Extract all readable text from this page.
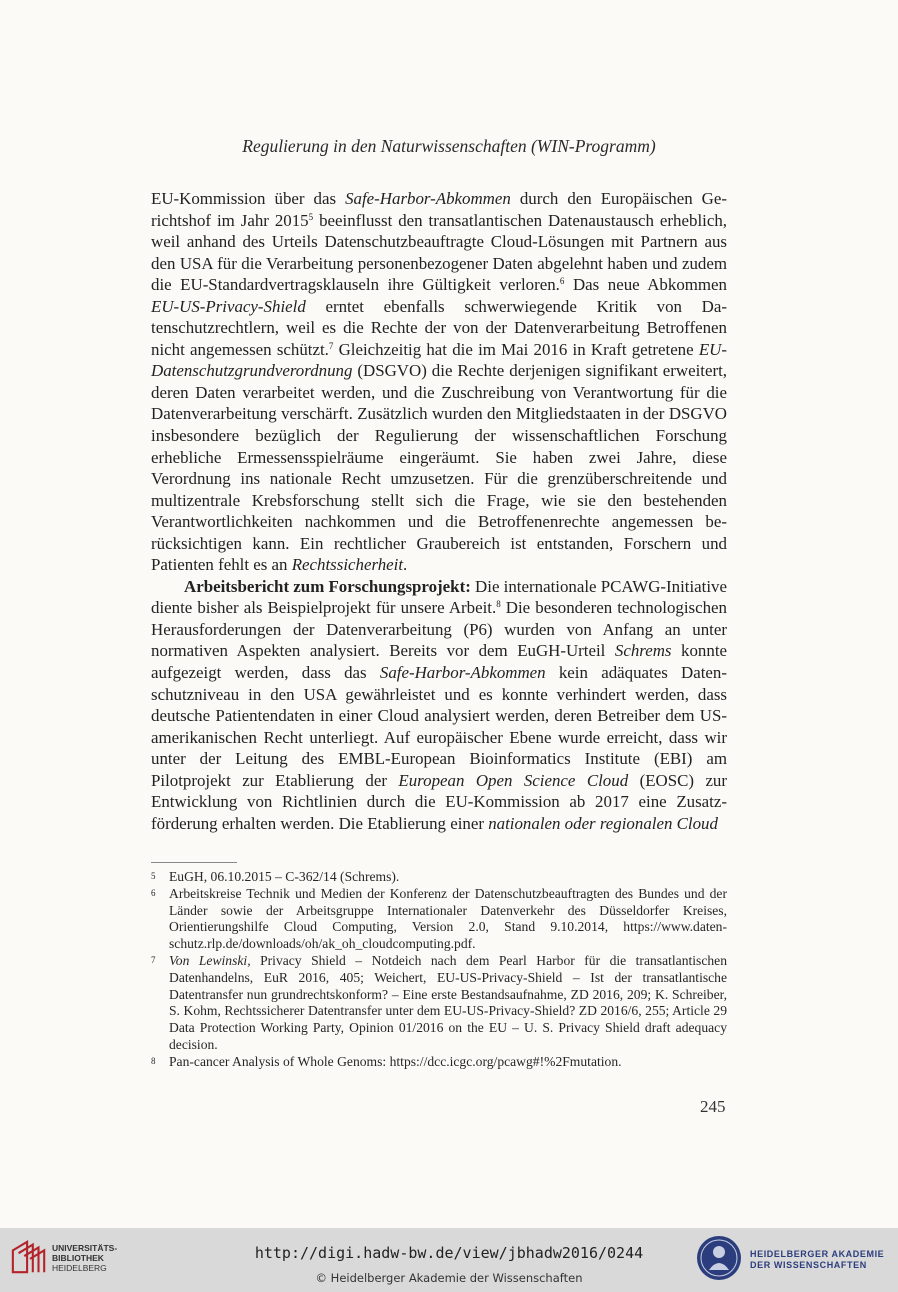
Regulierung in den Naturwissenschaften (WIN-Programm)

EU-Kommission über das Safe-Harbor-Abkommen durch den Europäischen Gerichtshof im Jahr 2015$^5$ beeinflusst den transatlantischen Datenaustausch erheblich, weil anhand des Urteils Datenschutzbeauftragte Cloud-Lösungen mit Partnern aus den USA für die Verarbeitung personenbezogener Daten abgelehnt haben und zudem die EU-Standardvertragsklauseln ihre Gültigkeit verloren.$^6$ Das neue Abkommen EU-US-Privacy-Shield erntet ebenfalls schwerwiegende Kritik von Datenschutzrechtlern, weil es die Rechte der von der Datenverarbeitung Betroffenen nicht angemessen schützt.$^7$ Gleichzeitig hat die im Mai 2016 in Kraft getretene EU-Datenschutzgrundverordnung (DSGVO) die Rechte derjenigen signifikant erweitert, deren Daten verarbeitet werden, und die Zuschreibung von Verantwortung für die Datenverarbeitung verschärft. Zusätzlich wurden den Mitgliedstaaten in der DSGVO insbesondere bezüglich der Regulierung der wissenschaftlichen Forschung erhebliche Ermessensspielräume eingeräumt. Sie haben zwei Jahre, diese Verordnung ins nationale Recht umzusetzen. Für die grenzüberschreitende und multizentrale Krebsforschung stellt sich die Frage, wie sie den bestehenden Verantwortlichkeiten nachkommen und die Betroffenenrechte angemessen berücksichtigen kann. Ein rechtlicher Graubereich ist entstanden, Forschern und Patienten fehlt es an Rechtssicherheit.

Arbeitsbericht zum Forschungsprojekt: Die internationale PCAWG-Initiative diente bisher als Beispielprojekt für unsere Arbeit.$^8$ Die besonderen technologischen Herausforderungen der Datenverarbeitung (P6) wurden von Anfang an unter normativen Aspekten analysiert. Bereits vor dem EuGH-Urteil Schrems konnte aufgezeigt werden, dass das Safe-Harbor-Abkommen kein adäquates Datenschutzniveau in den USA gewährleistet und es konnte verhindert werden, dass deutsche Patientendaten in einer Cloud analysiert werden, deren Betreiber dem US-amerikanischen Recht unterliegt. Auf europäischer Ebene wurde erreicht, dass wir unter der Leitung des EMBL-European Bioinformatics Institute (EBI) am Pilotprojekt zur Etablierung der European Open Science Cloud (EOSC) zur Entwicklung von Richtlinien durch die EU-Kommission ab 2017 eine Zusatzförderung erhalten werden. Die Etablierung einer nationalen oder regionalen Cloud

5 EuGH, 06.10.2015 – C-362/14 (Schrems).
6 Arbeitskreise Technik und Medien der Konferenz der Datenschutzbeauftragten des Bundes und der Länder sowie der Arbeitsgruppe Internationaler Datenverkehr des Düsseldorfer Kreises, Orientierungshilfe Cloud Computing, Version 2.0, Stand 9.10.2014, https://www.datenschutz.rlp.de/downloads/oh/ak_oh_cloudcomputing.pdf.
7 Von Lewinski, Privacy Shield – Notdeich nach dem Pearl Harbor für die transatlantischen Datenhandelns, EuR 2016, 405; Weichert, EU-US-Privacy-Shield – Ist der transatlantische Datentransfer nun grundrechtskonform? – Eine erste Bestandsaufnahme, ZD 2016, 209; K. Schreiber, S. Kohm, Rechtssicherer Datentransfer unter dem EU-US-Privacy-Shield? ZD 2016/6, 255; Article 29 Data Protection Working Party, Opinion 01/2016 on the EU – U. S. Privacy Shield draft adequacy decision.
8 Pan-cancer Analysis of Whole Genoms: https://dcc.icgc.org/pcawg#!%2Fmutation.
245
UNIVERSITÄTS-
BIBLIOTHEK
HEIDELBERG
http://digi.hadw-bw.de/view/jbhadw2016/0244
© Heidelberger Akademie der Wissenschaften
HEIDELBERGER AKADEMIE
DER WISSENSCHAFTEN
